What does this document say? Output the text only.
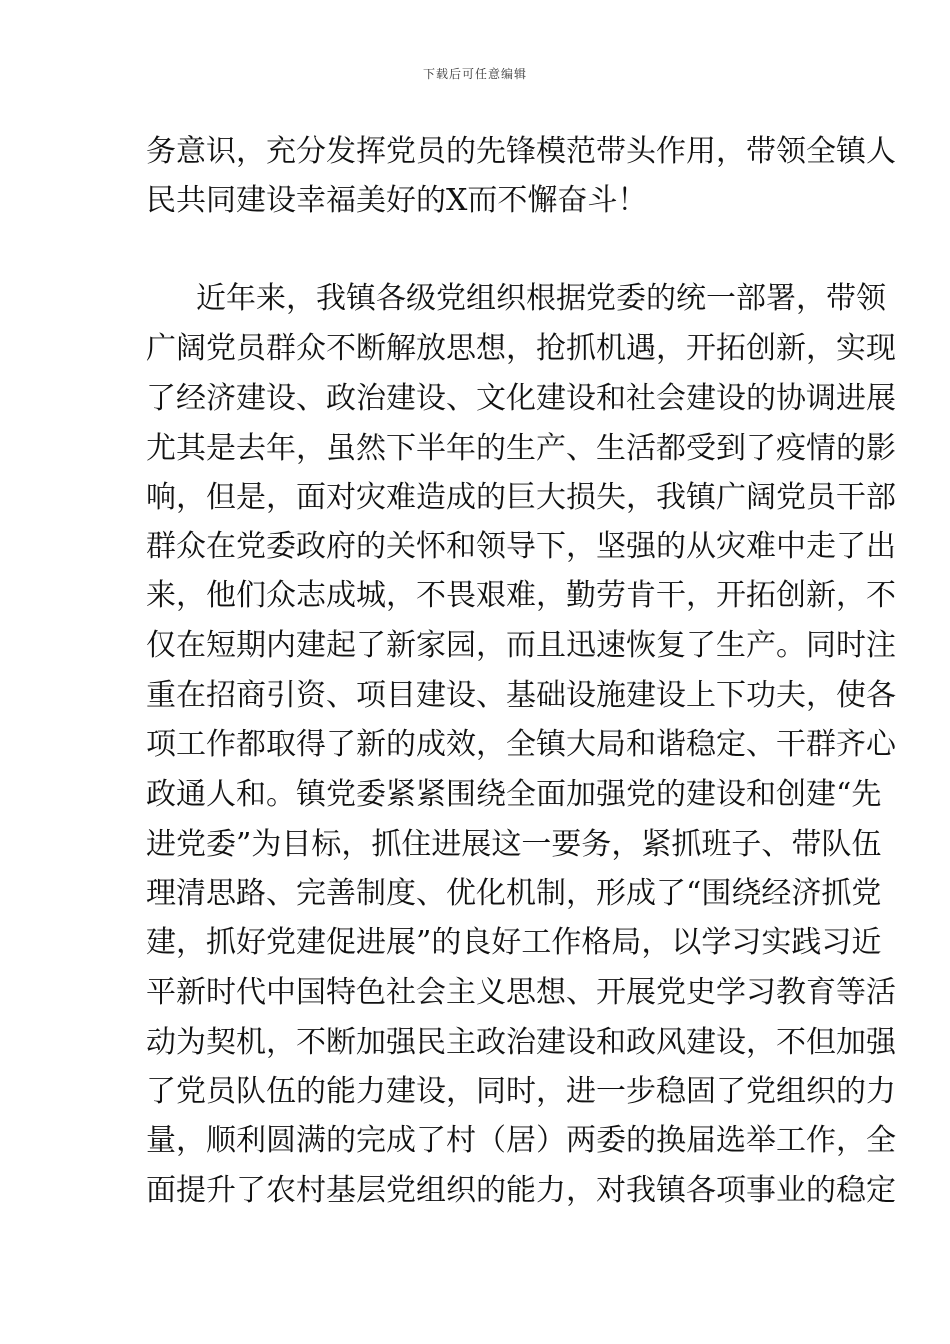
下载后可任意编辑
务意识，充分发挥党员的先锋模范带头作用，带领全镇人
民共同建设幸福美好的X而不懈奋斗！
近年来，我镇各级党组织根据党委的统一部署，带领
广阔党员群众不断解放思想，抢抓机遇，开拓创新，实现
了经济建设、政治建设、文化建设和社会建设的协调进展
尤其是去年，虽然下半年的生产、生活都受到了疫情的影
响，但是，面对灾难造成的巨大损失，我镇广阔党员干部
群众在党委政府的关怀和领导下，坚强的从灾难中走了出
来，他们众志成城，不畏艰难，勤劳肯干，开拓创新，不
仅在短期内建起了新家园，而且迅速恢复了生产。同时注
重在招商引资、项目建设、基础设施建设上下功夫，使各
项工作都取得了新的成效，全镇大局和谐稳定、干群齐心
政通人和。镇党委紧紧围绕全面加强党的建设和创建“先
进党委”为目标，抓住进展这一要务，紧抓班子、带队伍
理清思路、完善制度、优化机制，形成了“围绕经济抓党
建，抓好党建促进展”的良好工作格局，以学习实践习近
平新时代中国特色社会主义思想、开展党史学习教育等活
动为契机，不断加强民主政治建设和政风建设，不但加强
了党员队伍的能力建设，同时，进一步稳固了党组织的力
量，顺利圆满的完成了村（居）两委的换届选举工作，全
面提升了农村基层党组织的能力，对我镇各项事业的稳定
